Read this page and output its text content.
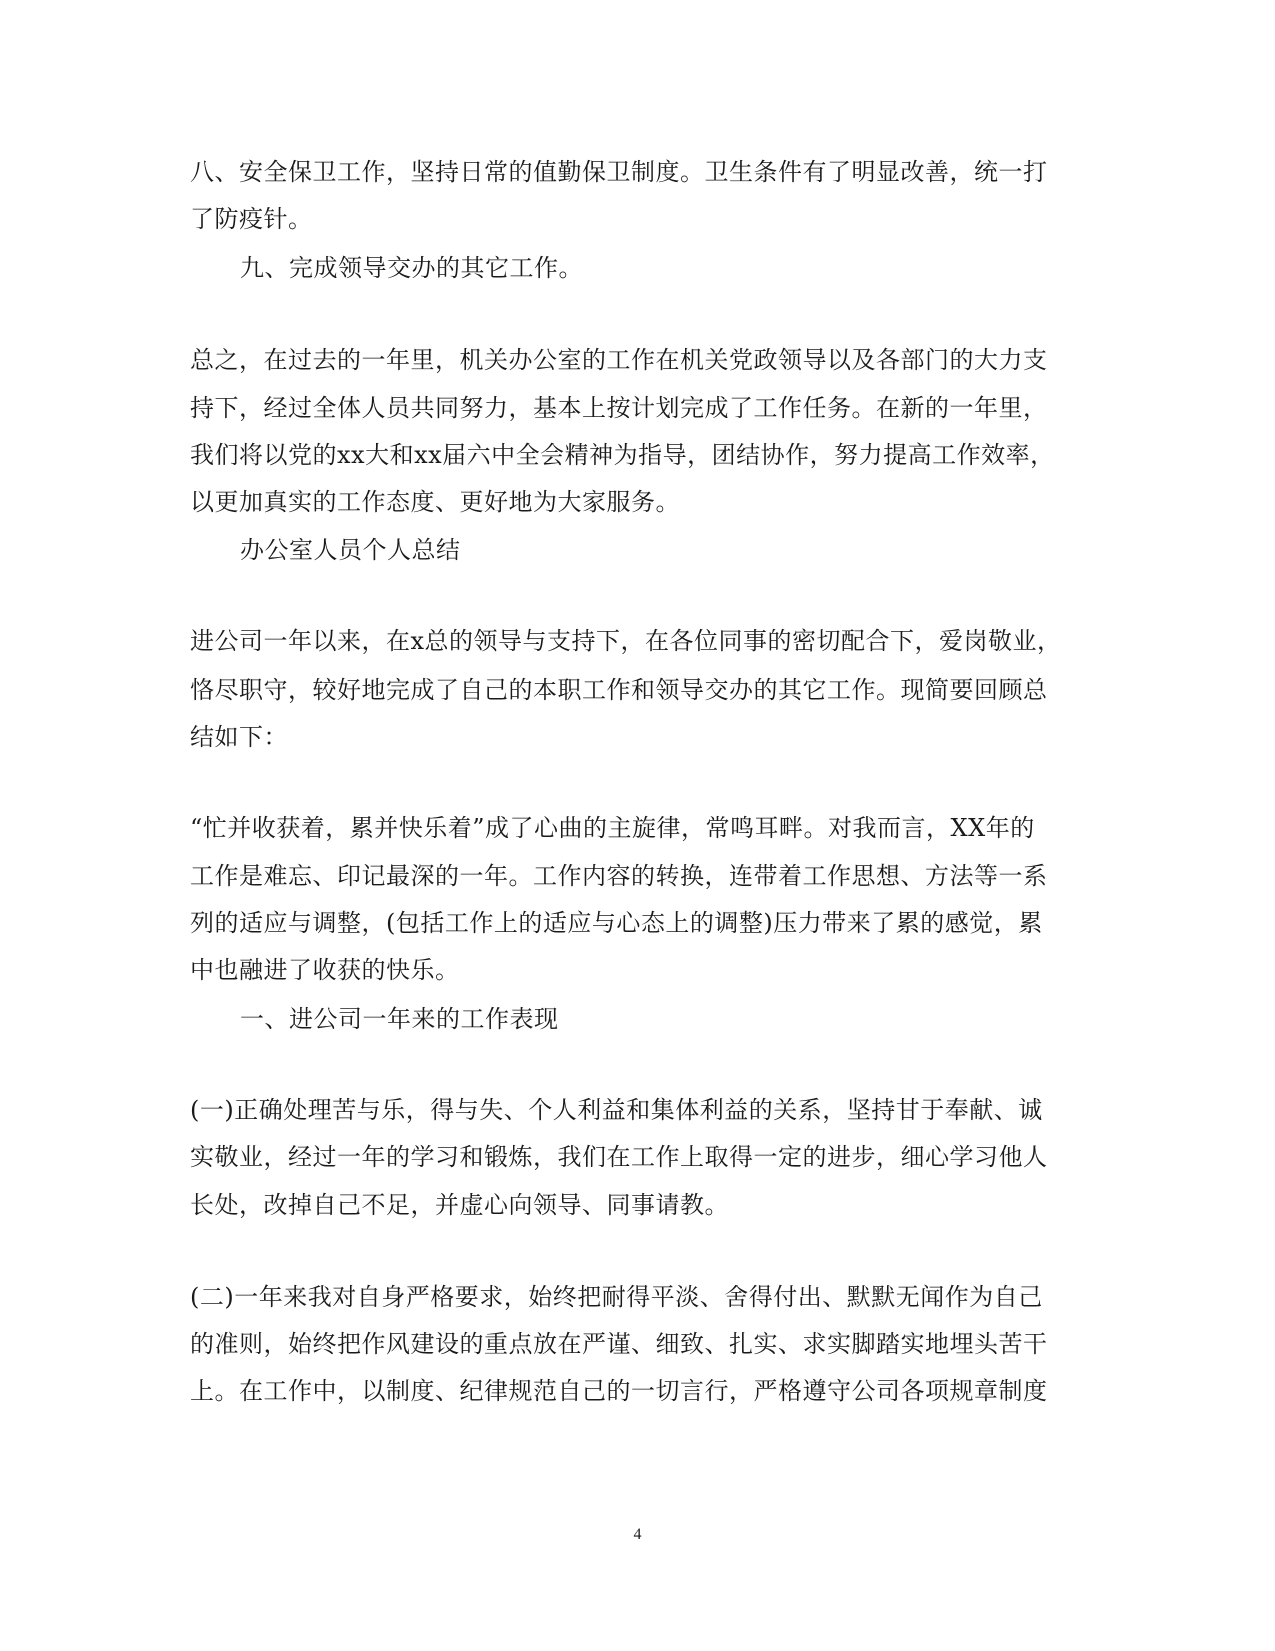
八、安全保卫工作，坚持日常的值勤保卫制度。卫生条件有了明显改善，统一打
了防疫针。
九、完成领导交办的其它工作。
总之，在过去的一年里，机关办公室的工作在机关党政领导以及各部门的大力支
持下，经过全体人员共同努力，基本上按计划完成了工作任务。在新的一年里，
我们将以党的xx大和xx届六中全会精神为指导，团结协作，努力提高工作效率，
以更加真实的工作态度、更好地为大家服务。
办公室人员个人总结
进公司一年以来，在x总的领导与支持下，在各位同事的密切配合下，爱岗敬业，
恪尽职守，较好地完成了自己的本职工作和领导交办的其它工作。现简要回顾总
结如下：
“忙并收获着，累并快乐着”成了心曲的主旋律，常鸣耳畔。对我而言，XX年的
工作是难忘、印记最深的一年。工作内容的转换，连带着工作思想、方法等一系
列的适应与调整，(包括工作上的适应与心态上的调整)压力带来了累的感觉，累
中也融进了收获的快乐。
一、进公司一年来的工作表现
(一)正确处理苦与乐，得与失、个人利益和集体利益的关系，坚持甘于奉献、诚
实敬业，经过一年的学习和锻炼，我们在工作上取得一定的进步，细心学习他人
长处，改掉自己不足，并虚心向领导、同事请教。
(二)一年来我对自身严格要求，始终把耐得平淡、舍得付出、默默无闻作为自己
的准则，始终把作风建设的重点放在严谨、细致、扎实、求实脚踏实地埋头苦干
上。在工作中，以制度、纪律规范自己的一切言行，严格遵守公司各项规章制度
4
